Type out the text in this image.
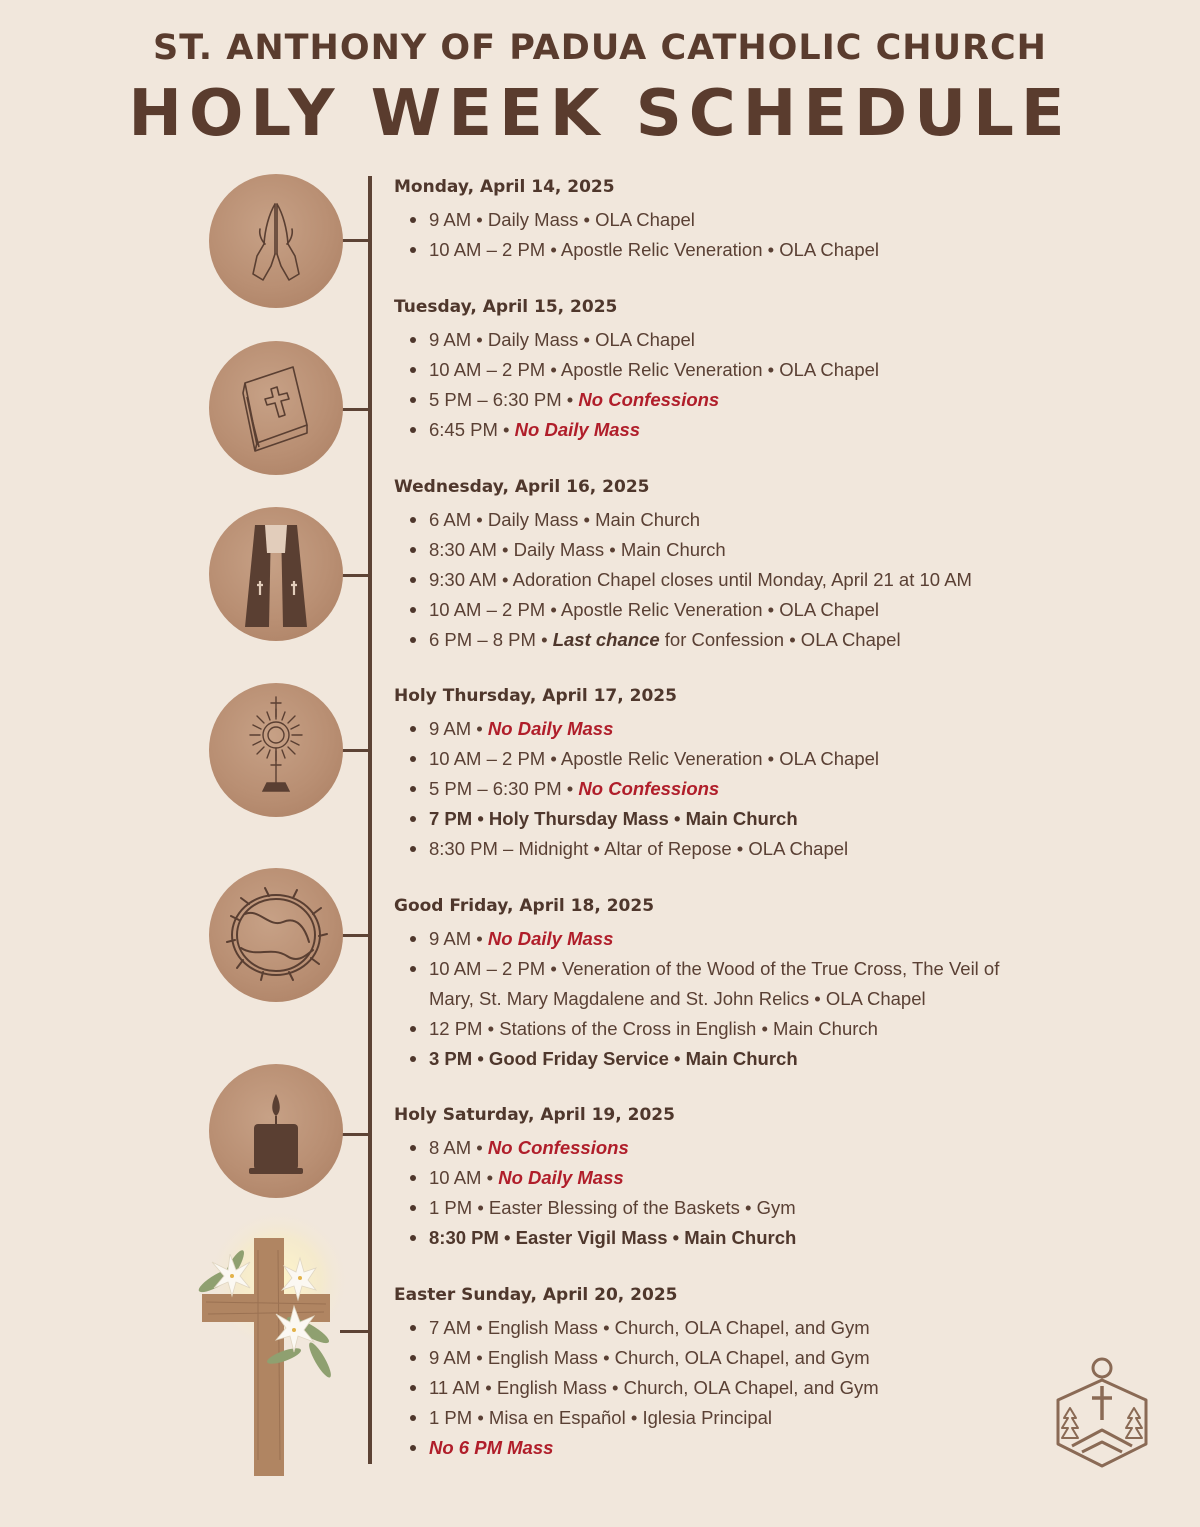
ST. ANTHONY OF PADUA CATHOLIC CHURCH
HOLY WEEK SCHEDULE
Monday, April 14, 2025
9 AM • Daily Mass • OLA Chapel
10 AM – 2 PM • Apostle Relic Veneration • OLA Chapel
Tuesday, April 15, 2025
9 AM • Daily Mass • OLA Chapel
10 AM – 2 PM • Apostle Relic Veneration • OLA Chapel
5 PM – 6:30 PM • No Confessions
6:45 PM • No Daily Mass
Wednesday, April 16, 2025
6 AM • Daily Mass • Main Church
8:30 AM • Daily Mass • Main Church
9:30 AM • Adoration Chapel closes until Monday, April 21 at 10 AM
10 AM – 2 PM • Apostle Relic Veneration • OLA Chapel
6 PM – 8 PM • Last chance for Confession • OLA Chapel
Holy Thursday, April 17, 2025
9 AM • No Daily Mass
10 AM – 2 PM • Apostle Relic Veneration • OLA Chapel
5 PM – 6:30 PM • No Confessions
7 PM • Holy Thursday Mass • Main Church
8:30 PM – Midnight • Altar of Repose • OLA Chapel
Good Friday, April 18, 2025
9 AM • No Daily Mass
10 AM – 2 PM • Veneration of the Wood of the True Cross, The Veil of Mary, St. Mary Magdalene and St. John Relics • OLA Chapel
12 PM • Stations of the Cross in English • Main Church
3 PM • Good Friday Service • Main Church
Holy Saturday, April 19, 2025
8 AM • No Confessions
10 AM • No Daily Mass
1 PM • Easter Blessing of the Baskets • Gym
8:30 PM • Easter Vigil Mass • Main Church
Easter Sunday, April 20, 2025
7 AM • English Mass • Church, OLA Chapel, and Gym
9 AM • English Mass • Church, OLA Chapel, and Gym
11 AM • English Mass • Church, OLA Chapel, and Gym
1 PM • Misa en Español • Iglesia Principal
No 6 PM Mass
